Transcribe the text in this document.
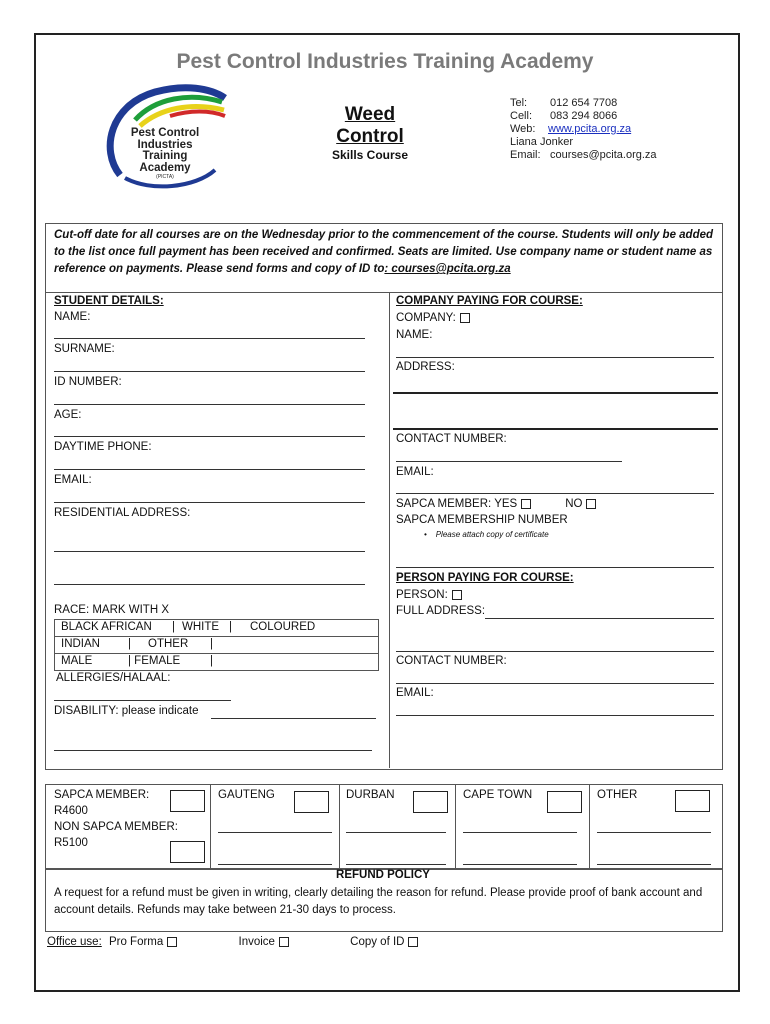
Pest Control Industries Training Academy
Pest Control
Industries
Training
Academy
(PICTA)
Weed
Control
Skills Course
Tel: 012 654 7708
Cell: 083 294 8066
Web: www.pcita.org.za
Liana Jonker
Email: courses@pcita.org.za
Cut-off date for all courses are on the Wednesday prior to the commencement of the course. Students will only be added to the list once full payment has been received and confirmed. Seats are limited. Use company name or student name as reference on payments. Please send forms and copy of ID to: courses@pcita.org.za
STUDENT DETAILS:
NAME:
SURNAME:
ID NUMBER:
AGE:
DAYTIME PHONE:
EMAIL:
RESIDENTIAL ADDRESS:
RACE: MARK WITH X
BLACK AFRICAN | WHITE | COLOURED
INDIAN | OTHER |
MALE	| FEMALE	|
ALLERGIES/HALAAL:
DISABILITY: please indicate
COMPANY PAYING FOR COURSE:
COMPANY:
NAME:
ADDRESS:
CONTACT NUMBER:
EMAIL:
SAPCA MEMBER: YES	NO
SAPCA MEMBERSHIP NUMBER
•    Please attach copy of certificate
PERSON PAYING FOR COURSE:
PERSON:
FULL ADDRESS:
CONTACT NUMBER:
EMAIL:
SAPCA MEMBER:
R4600
NON SAPCA MEMBER:
R5100
GAUTENG	DURBAN	CAPE TOWN	OTHER
REFUND POLICY
A request for a refund must be given in writing, clearly detailing the reason for refund. Please provide proof of bank account and account details. Refunds may take between 21-30 days to process.
Office use: Pro Forma	Invoice	Copy of ID
